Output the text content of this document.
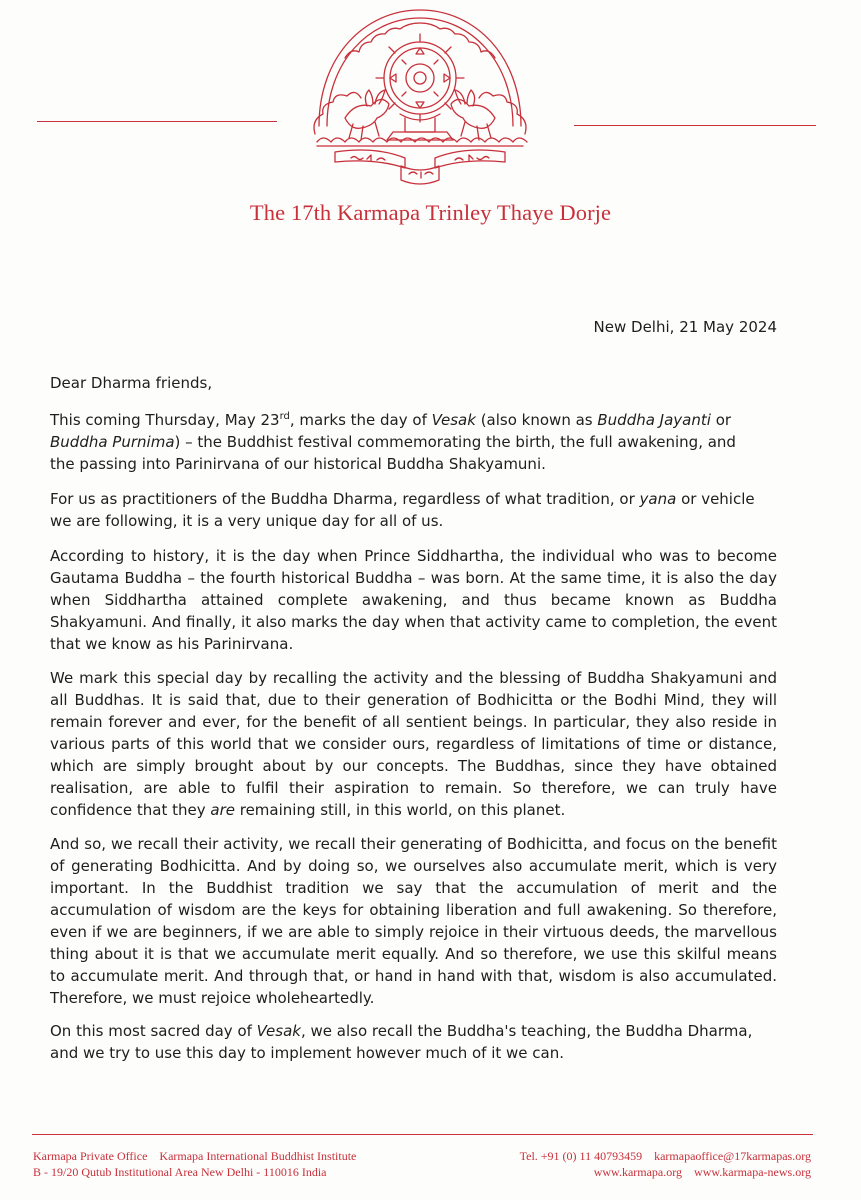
The 17th Karmapa Trinley Thaye Dorje
New Delhi, 21 May 2024
Dear Dharma friends,

This coming Thursday, May 23rd, marks the day of Vesak (also known as Buddha Jayanti or
Buddha Purnima) – the Buddhist festival commemorating the birth, the full awakening, and
the passing into Parinirvana of our historical Buddha Shakyamuni.

For us as practitioners of the Buddha Dharma, regardless of what tradition, or yana or vehicle
we are following, it is a very unique day for all of us.

According to history, it is the day when Prince Siddhartha, the individual who was to become
Gautama Buddha – the fourth historical Buddha – was born. At the same time, it is also the day
when Siddhartha attained complete awakening, and thus became known as Buddha
Shakyamuni. And finally, it also marks the day when that activity came to completion, the event
that we know as his Parinirvana.

We mark this special day by recalling the activity and the blessing of Buddha Shakyamuni and
all Buddhas. It is said that, due to their generation of Bodhicitta or the Bodhi Mind, they will
remain forever and ever, for the benefit of all sentient beings. In particular, they also reside in
various parts of this world that we consider ours, regardless of limitations of time or distance,
which are simply brought about by our concepts. The Buddhas, since they have obtained
realisation, are able to fulfil their aspiration to remain. So therefore, we can truly have
confidence that they are remaining still, in this world, on this planet.

And so, we recall their activity, we recall their generating of Bodhicitta, and focus on the benefit
of generating Bodhicitta. And by doing so, we ourselves also accumulate merit, which is very
important. In the Buddhist tradition we say that the accumulation of merit and the
accumulation of wisdom are the keys for obtaining liberation and full awakening. So therefore,
even if we are beginners, if we are able to simply rejoice in their virtuous deeds, the marvellous
thing about it is that we accumulate merit equally. And so therefore, we use this skilful means
to accumulate merit. And through that, or hand in hand with that, wisdom is also accumulated.
Therefore, we must rejoice wholeheartedly.

On this most sacred day of Vesak, we also recall the Buddha's teaching, the Buddha Dharma,
and we try to use this day to implement however much of it we can.

Karmapa Private Office Karmapa International Buddhist Institute
B - 19/20 Qutub Institutional Area New Delhi - 110016 India
Tel. +91 (0) 11 40793459 karmapaoffice@17karmapas.org
www.karmapa.org www.karmapa-news.org
